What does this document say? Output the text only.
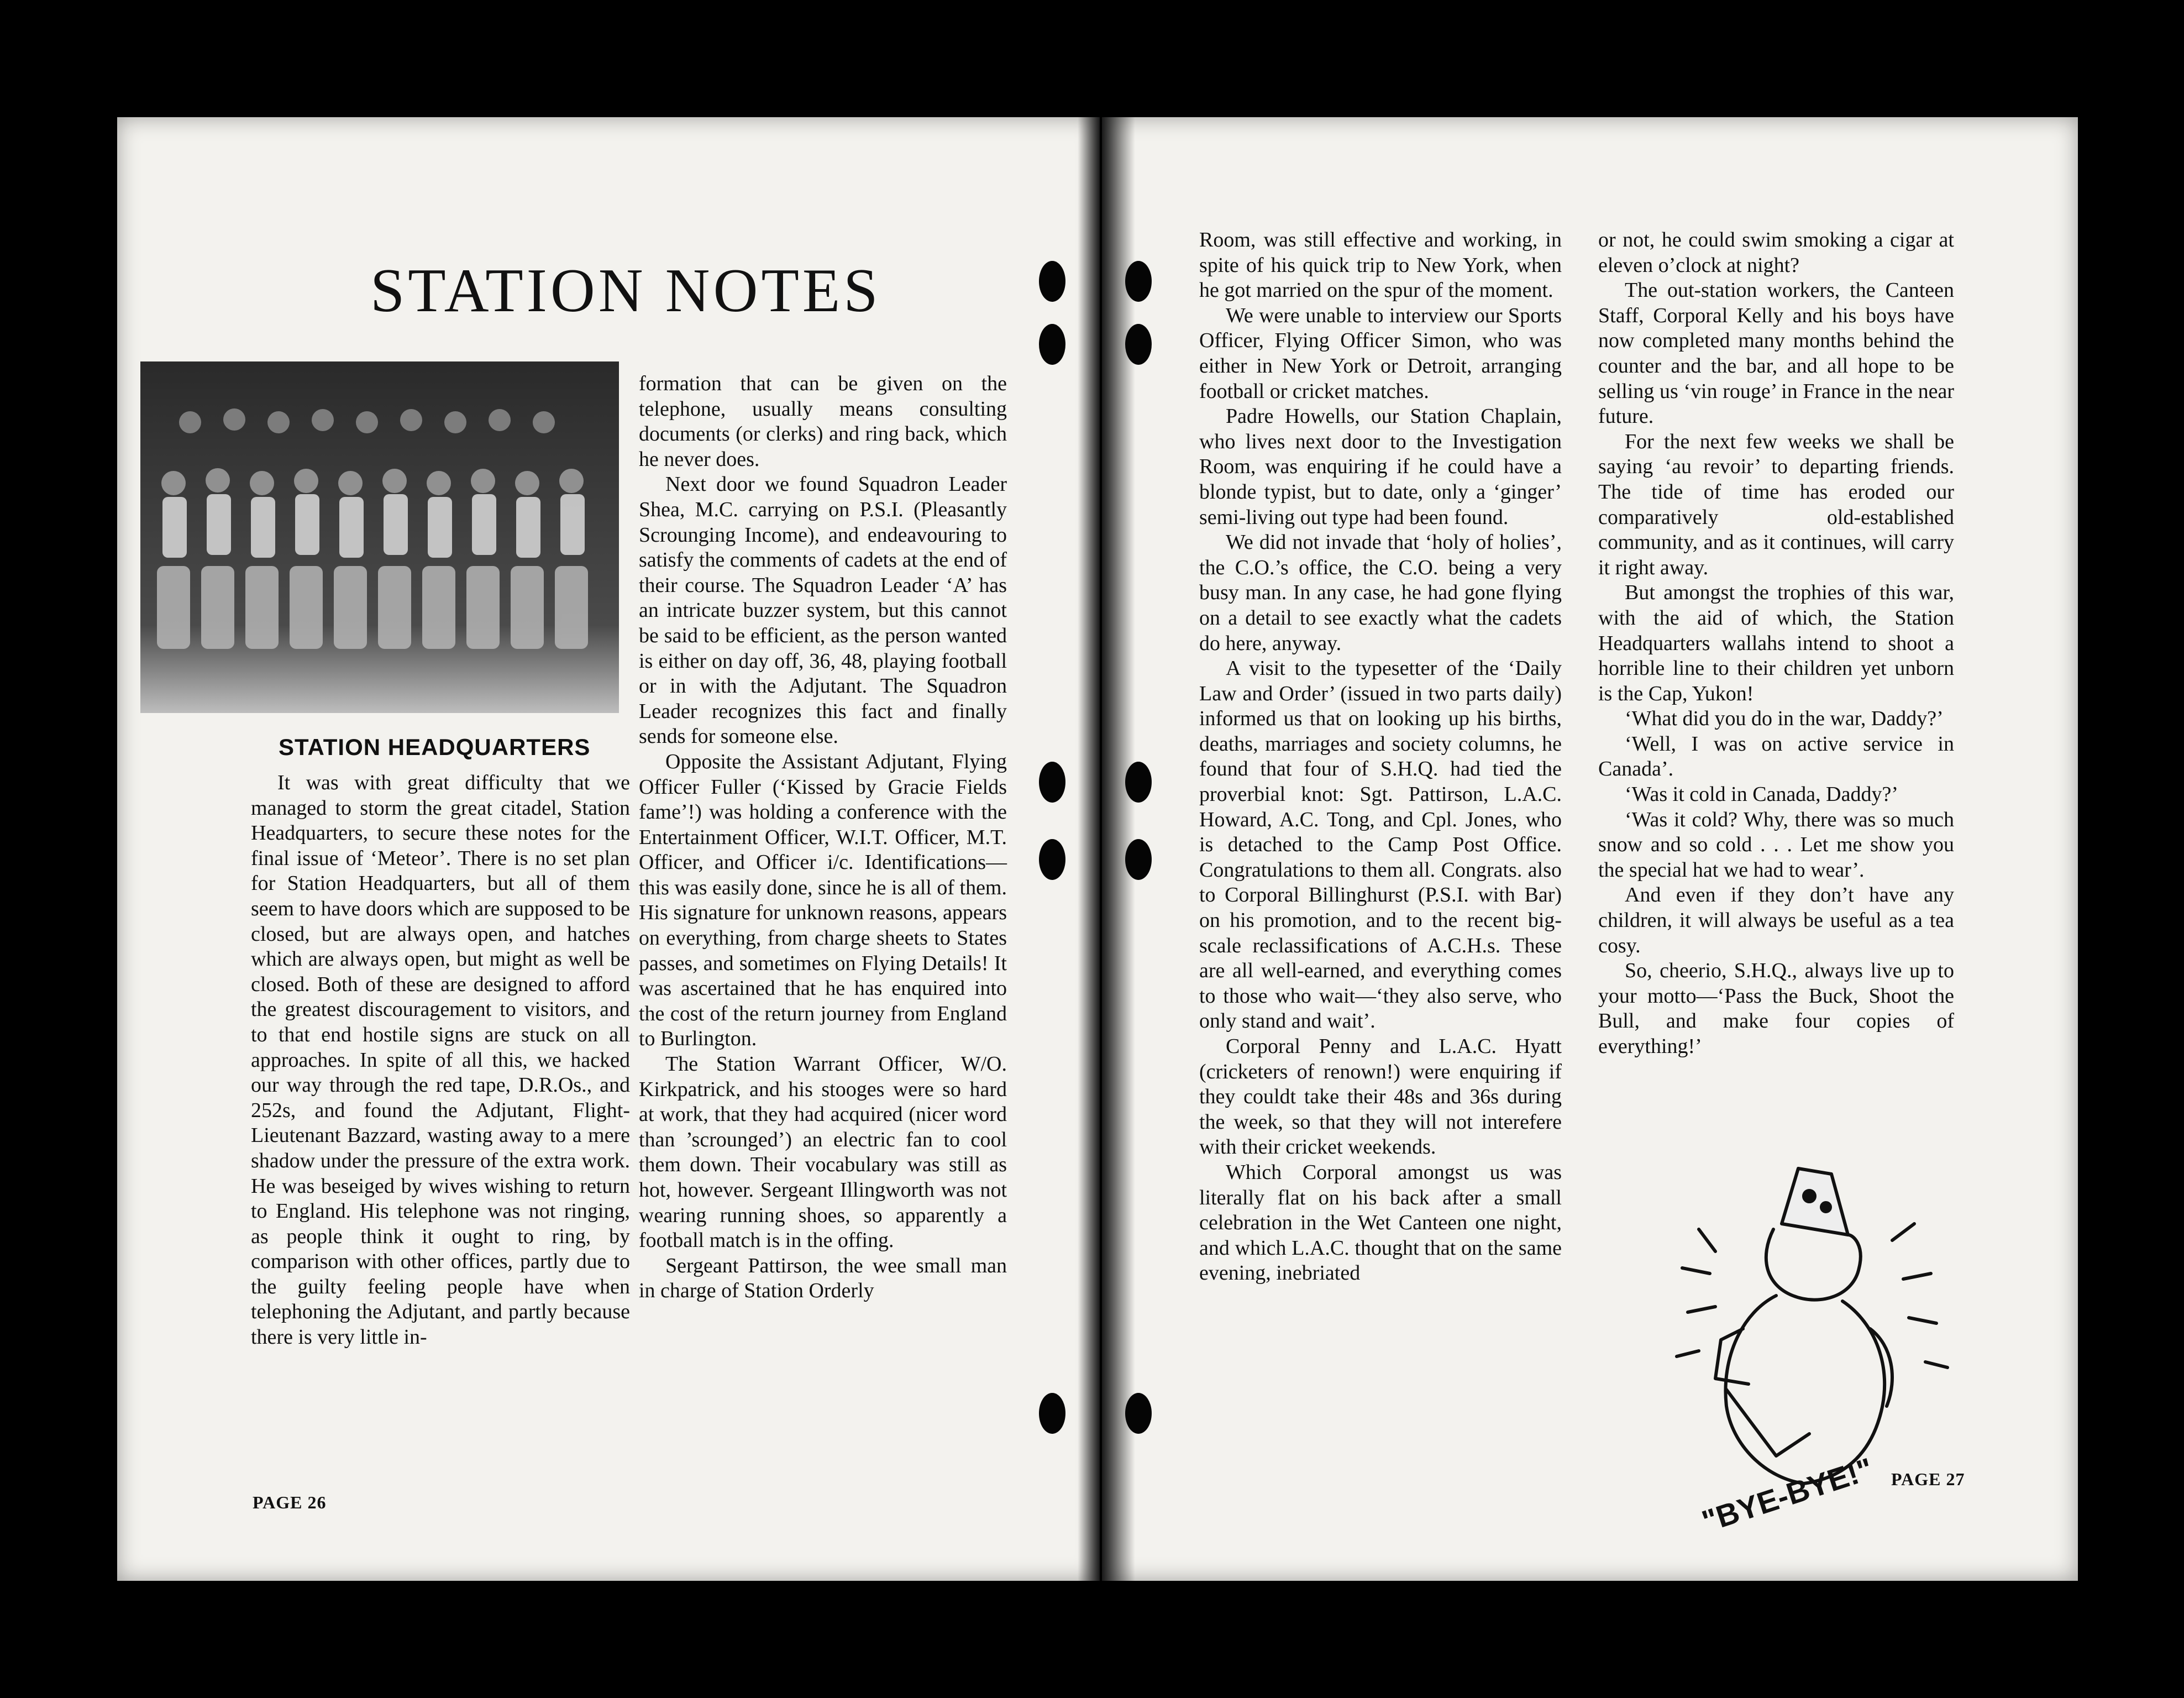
STATION NOTES
STATION HEADQUARTERS

It was with great difficulty that we managed to storm the great citadel, Station Headquarters, to secure these notes for the final issue of ‘Meteor’. There is no set plan for Station Headquarters, but all of them seem to have doors which are supposed to be closed, but are always open, and hatches which are always open, but might as well be closed. Both of these are designed to afford the greatest discouragement to visitors, and to that end hostile signs are stuck on all approaches. In spite of all this, we hacked our way through the red tape, D.R.Os., and 252s, and found the Adjutant, Flight-Lieutenant Bazzard, wasting away to a mere shadow under the pressure of the extra work. He was beseiged by wives wishing to return to England. His telephone was not ringing, as people think it ought to ring, by comparison with other offices, partly due to the guilty feeling people have when telephoning the Adjutant, and partly because there is very little in-

formation that can be given on the telephone, usually means consulting documents (or clerks) and ring back, which he never does.

Next door we found Squadron Leader Shea, M.C. carrying on P.S.I. (Pleasantly Scrounging Income), and endeavouring to satisfy the comments of cadets at the end of their course. The Squadron Leader ‘A’ has an intricate buzzer system, but this cannot be said to be efficient, as the person wanted is either on day off, 36, 48, playing football or in with the Adjutant. The Squadron Leader recognizes this fact and finally sends for someone else.

Opposite the Assistant Adjutant, Flying Officer Fuller (‘Kissed by Gracie Fields fame’!) was holding a conference with the Entertainment Officer, W.I.T. Officer, M.T. Officer, and Officer i/c. Identifications—this was easily done, since he is all of them. His signature for unknown reasons, appears on everything, from charge sheets to States passes, and sometimes on Flying Details! It was ascertained that he has enquired into the cost of the return journey from England to Burlington.

The Station Warrant Officer, W/O. Kirkpatrick, and his stooges were so hard at work, that they had acquired (nicer word than ’scrounged’) an electric fan to cool them down. Their vocabulary was still as hot, however. Sergeant Illingworth was not wearing running shoes, so apparently a football match is in the offing.

Sergeant Pattirson, the wee small man in charge of Station Orderly

PAGE 26

Room, was still effective and working, in spite of his quick trip to New York, when he got married on the spur of the moment.

We were unable to interview our Sports Officer, Flying Officer Simon, who was either in New York or Detroit, arranging football or cricket matches.

Padre Howells, our Station Chaplain, who lives next door to the Investigation Room, was enquiring if he could have a blonde typist, but to date, only a ‘ginger’ semi-living out type had been found.

We did not invade that ‘holy of holies’, the C.O.’s office, the C.O. being a very busy man. In any case, he had gone flying on a detail to see exactly what the cadets do here, anyway.

A visit to the typesetter of the ‘Daily Law and Order’ (issued in two parts daily) informed us that on looking up his births, deaths, marriages and society columns, he found that four of S.H.Q. had tied the proverbial knot: Sgt. Pattirson, L.A.C. Howard, A.C. Tong, and Cpl. Jones, who is detached to the Camp Post Office. Congratulations to them all. Congrats. also to Corporal Billinghurst (P.S.I. with Bar) on his promotion, and to the recent big-scale reclassifications of A.C.H.s. These are all well-earned, and everything comes to those who wait—‘they also serve, who only stand and wait’.

Corporal Penny and L.A.C. Hyatt (cricketers of renown!) were enquiring if they couldt take their 48s and 36s during the week, so that they will not interefere with their cricket weekends.

Which Corporal amongst us was literally flat on his back after a small celebration in the Wet Canteen one night, and which L.A.C. thought that on the same evening, inebriated

or not, he could swim smoking a cigar at eleven o’clock at night?

The out-station workers, the Canteen Staff, Corporal Kelly and his boys have now completed many months behind the counter and the bar, and all hope to be selling us ‘vin rouge’ in France in the near future.

For the next few weeks we shall be saying ‘au revoir’ to departing friends. The tide of time has eroded our comparatively old-established community, and as it continues, will carry it right away.

But amongst the trophies of this war, with the aid of which, the Station Headquarters wallahs intend to shoot a horrible line to their children yet unborn is the Cap, Yukon!

‘What did you do in the war, Daddy?’

‘Well, I was on active service in Canada’.

‘Was it cold in Canada, Daddy?’

‘Was it cold? Why, there was so much snow and so cold . . . Let me show you the special hat we had to wear’.

And even if they don’t have any children, it will always be useful as a tea cosy.

So, cheerio, S.H.Q., always live up to your motto—‘Pass the Buck, Shoot the Bull, and make four copies of everything!’

"BYE-BYE!" PAGE 27
